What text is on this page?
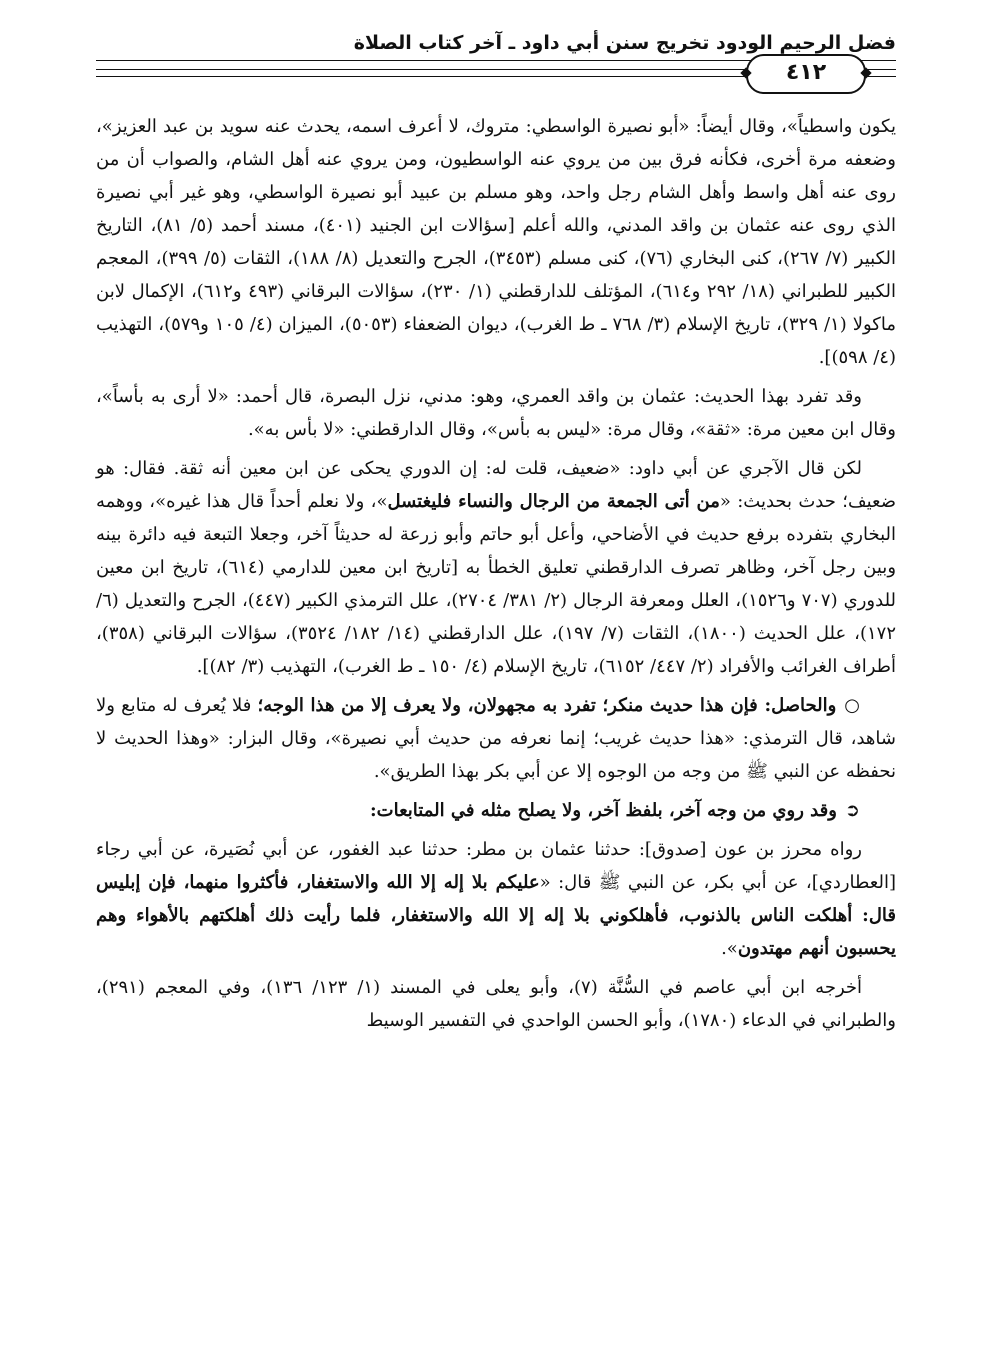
فضل الرحيم الودود تخريج سنن أبي داود ـ آخر كتاب الصلاة
٤١٢

يكون واسطياً»، وقال أيضاً: «أبو نصيرة الواسطي: متروك، لا أعرف اسمه، يحدث عنه سويد بن عبد العزيز»، وضعفه مرة أخرى، فكأنه فرق بين من يروي عنه الواسطيون، ومن يروي عنه أهل الشام، والصواب أن من روى عنه أهل واسط وأهل الشام رجل واحد، وهو مسلم بن عبيد أبو نصيرة الواسطي، وهو غير أبي نصيرة الذي روى عنه عثمان بن واقد المدني، والله أعلم [سؤالات ابن الجنيد (٤٠١)، مسند أحمد (٥/ ٨١)، التاريخ الكبير (٧/ ٢٦٧)، كنى البخاري (٧٦)، كنى مسلم (٣٤٥٣)، الجرح والتعديل (٨/ ١٨٨)، الثقات (٥/ ٣٩٩)، المعجم الكبير للطبراني (١٨/ ٢٩٢ و٦١٤)، المؤتلف للدارقطني (١/ ٢٣٠)، سؤالات البرقاني (٤٩٣ و٦١٢)، الإكمال لابن ماكولا (١/ ٣٢٩)، تاريخ الإسلام (٣/ ٧٦٨ ـ ط الغرب)، ديوان الضعفاء (٥٠٥٣)، الميزان (٤/ ١٠٥ و٥٧٩)، التهذيب (٤/ ٥٩٨)].

وقد تفرد بهذا الحديث: عثمان بن واقد العمري، وهو: مدني، نزل البصرة، قال أحمد: «لا أرى به بأساً»، وقال ابن معين مرة: «ثقة»، وقال مرة: «ليس به بأس»، وقال الدارقطني: «لا بأس به».

لكن قال الآجري عن أبي داود: «ضعيف، قلت له: إن الدوري يحكى عن ابن معين أنه ثقة. فقال: هو ضعيف؛ حدث بحديث: «من أتى الجمعة من الرجال والنساء فليغتسل»، ولا نعلم أحداً قال هذا غيره»، ووهمه البخاري بتفرده برفع حديث في الأضاحي، وأعل أبو حاتم وأبو زرعة له حديثاً آخر، وجعلا التبعة فيه دائرة بينه وبين رجل آخر، وظاهر تصرف الدارقطني تعليق الخطأ به [تاريخ ابن معين للدارمي (٦١٤)، تاريخ ابن معين للدوري (٧٠٧ و١٥٢٦)، العلل ومعرفة الرجال (٢/ ٣٨١/ ٢٧٠٤)، علل الترمذي الكبير (٤٤٧)، الجرح والتعديل (٦/ ١٧٢)، علل الحديث (١٨٠٠)، الثقات (٧/ ١٩٧)، علل الدارقطني (١٤/ ١٨٢/ ٣٥٢٤)، سؤالات البرقاني (٣٥٨)، أطراف الغرائب والأفراد (٢/ ٤٤٧/ ٦١٥٢)، تاريخ الإسلام (٤/ ١٥٠ ـ ط الغرب)، التهذيب (٣/ ٨٢)].

○والحاصل: فإن هذا حديث منكر؛ تفرد به مجهولان، ولا يعرف إلا من هذا الوجه؛ فلا يُعرف له متابع ولا شاهد، قال الترمذي: «هذا حديث غريب؛ إنما نعرفه من حديث أبي نصيرة»، وقال البزار: «وهذا الحديث لا نحفظه عن النبي ﷺ من وجه من الوجوه إلا عن أبي بكر بهذا الطريق».

➲وقد روي من وجه آخر، بلفظ آخر، ولا يصلح مثله في المتابعات:

رواه محرز بن عون [صدوق]: حدثنا عثمان بن مطر: حدثنا عبد الغفور، عن أبي نُصَيرة، عن أبي رجاء [العطاردي]، عن أبي بكر، عن النبي ﷺ قال: «عليكم بلا إله إلا الله والاستغفار، فأكثروا منهما، فإن إبليس قال: أهلكت الناس بالذنوب، فأهلكوني بلا إله إلا الله والاستغفار، فلما رأيت ذلك أهلكتهم بالأهواء وهم يحسبون أنهم مهتدون».

أخرجه ابن أبي عاصم في السُّنَّة (٧)، وأبو يعلى في المسند (١/ ١٢٣/ ١٣٦)، وفي المعجم (٢٩١)، والطبراني في الدعاء (١٧٨٠)، وأبو الحسن الواحدي في التفسير الوسيط
